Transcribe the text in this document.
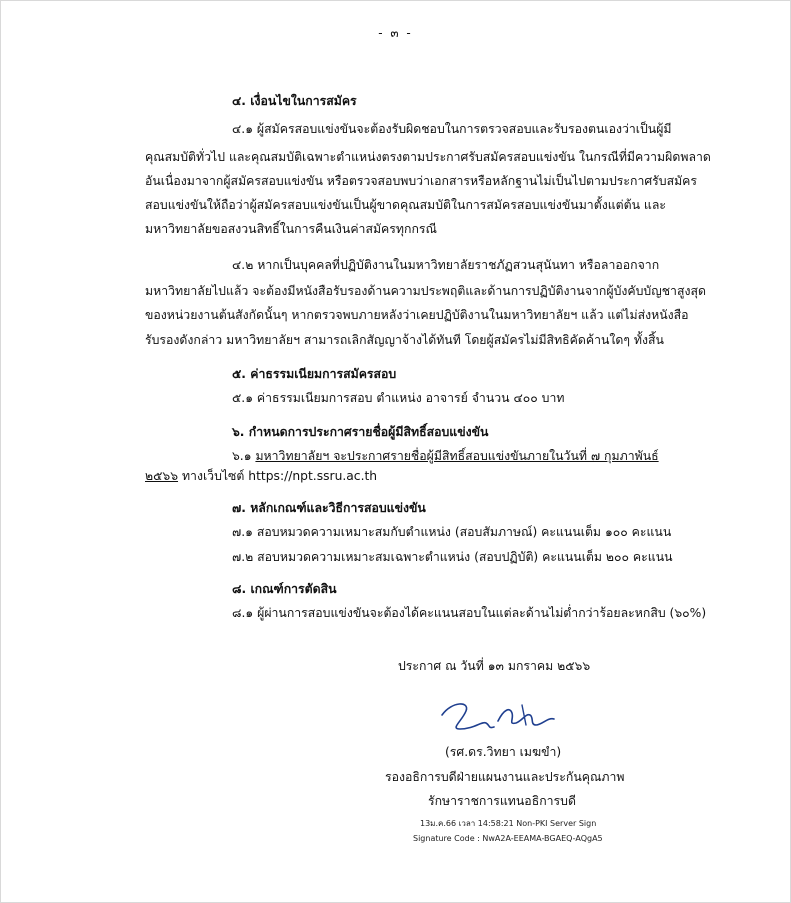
- ๓ -
๔. เงื่อนไขในการสมัคร
๔.๑ ผู้สมัครสอบแข่งขันจะต้องรับผิดชอบในการตรวจสอบและรับรองตนเองว่าเป็นผู้มี
คุณสมบัติทั่วไป และคุณสมบัติเฉพาะตำแหน่งตรงตามประกาศรับสมัครสอบแข่งขัน ในกรณีที่มีความผิดพลาด
อันเนื่องมาจากผู้สมัครสอบแข่งขัน หรือตรวจสอบพบว่าเอกสารหรือหลักฐานไม่เป็นไปตามประกาศรับสมัคร
สอบแข่งขันให้ถือว่าผู้สมัครสอบแข่งขันเป็นผู้ขาดคุณสมบัติในการสมัครสอบแข่งขันมาตั้งแต่ต้น และ
มหาวิทยาลัยขอสงวนสิทธิ์ในการคืนเงินค่าสมัครทุกกรณี
๔.๒ หากเป็นบุคคลที่ปฏิบัติงานในมหาวิทยาลัยราชภัฏสวนสุนันทา หรือลาออกจาก
มหาวิทยาลัยไปแล้ว จะต้องมีหนังสือรับรองด้านความประพฤติและด้านการปฏิบัติงานจากผู้บังคับบัญชาสูงสุด
ของหน่วยงานต้นสังกัดนั้นๆ หากตรวจพบภายหลังว่าเคยปฏิบัติงานในมหาวิทยาลัยฯ แล้ว แต่ไม่ส่งหนังสือ
รับรองดังกล่าว มหาวิทยาลัยฯ สามารถเลิกสัญญาจ้างได้ทันที โดยผู้สมัครไม่มีสิทธิคัดค้านใดๆ ทั้งสิ้น
๕. ค่าธรรมเนียมการสมัครสอบ
๕.๑ ค่าธรรมเนียมการสอบ ตำแหน่ง อาจารย์ จำนวน ๔๐๐ บาท
๖. กำหนดการประกาศรายชื่อผู้มีสิทธิ์สอบแข่งขัน
๖.๑ มหาวิทยาลัยฯ จะประกาศรายชื่อผู้มีสิทธิ์สอบแข่งขันภายในวันที่ ๗ กุมภาพันธ์
๒๕๖๖ ทางเว็บไซต์ https://npt.ssru.ac.th
๗. หลักเกณฑ์และวิธีการสอบแข่งขัน
๗.๑ สอบหมวดความเหมาะสมกับตำแหน่ง (สอบสัมภาษณ์) คะแนนเต็ม ๑๐๐ คะแนน
๗.๒ สอบหมวดความเหมาะสมเฉพาะตำแหน่ง (สอบปฏิบัติ) คะแนนเต็ม ๒๐๐ คะแนน
๘. เกณฑ์การตัดสิน
๘.๑ ผู้ผ่านการสอบแข่งขันจะต้องได้คะแนนสอบในแต่ละด้านไม่ต่ำกว่าร้อยละหกสิบ (๖๐%)
ประกาศ ณ วันที่ ๑๓ มกราคม ๒๕๖๖
(รศ.ดร.วิทยา เมฆขำ)
รองอธิการบดีฝ่ายแผนงานและประกันคุณภาพ
รักษาราชการแทนอธิการบดี
13ม.ค.66 เวลา 14:58:21 Non-PKI Server Sign
Signature Code : NwA2A-EEAMA-BGAEQ-AQgA5
